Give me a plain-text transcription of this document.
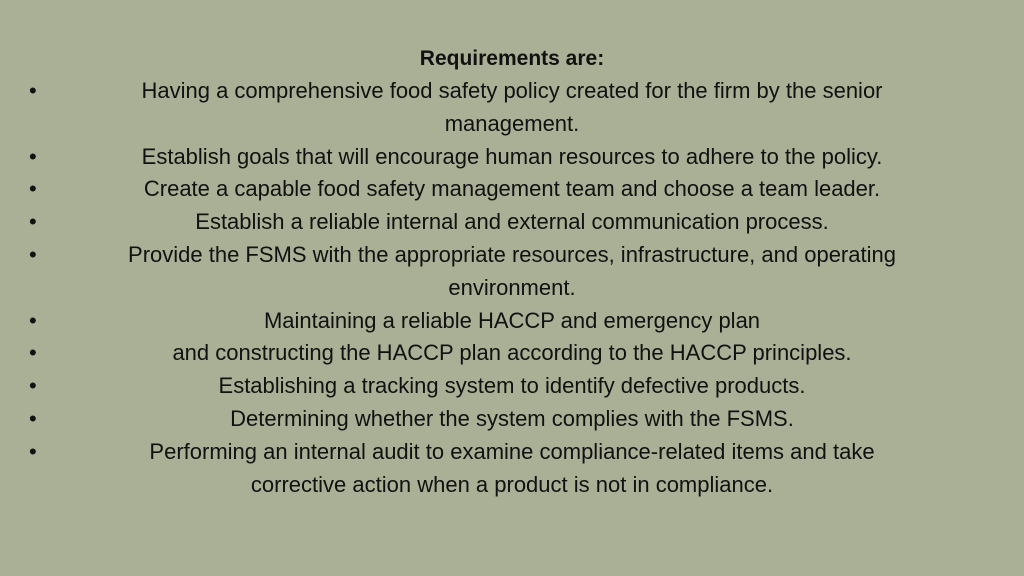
Requirements are:
•	Having a comprehensive food safety policy created for the firm by the senior
management.
•	Establish goals that will encourage human resources to adhere to the policy.
•	Create a capable food safety management team and choose a team leader.
•	Establish a reliable internal and external communication process.
•	Provide the FSMS with the appropriate resources, infrastructure, and operating
environment.
•	Maintaining a reliable HACCP and emergency plan
•	and constructing the HACCP plan according to the HACCP principles.
•	Establishing a tracking system to identify defective products.
•	Determining whether the system complies with the FSMS.
•	Performing an internal audit to examine compliance-related items and take
corrective action when a product is not in compliance.
